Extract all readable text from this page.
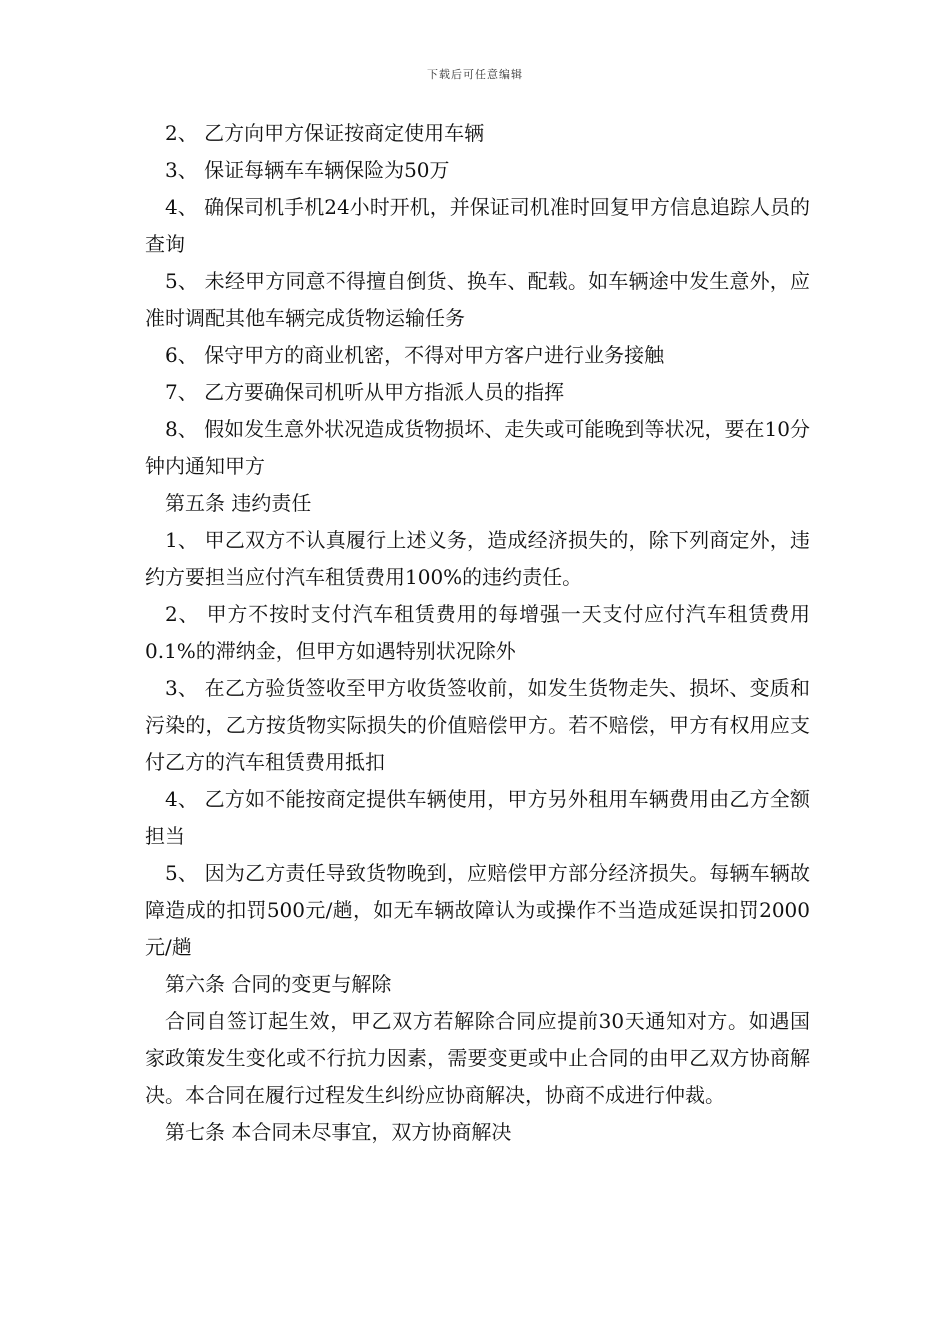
下载后可任意编辑

2、 乙方向甲方保证按商定使用车辆

3、 保证每辆车车辆保险为50万

4、 确保司机手机24小时开机，并保证司机准时回复甲方信息追踪人员的查询

5、 未经甲方同意不得擅自倒货、换车、配载。如车辆途中发生意外，应准时调配其他车辆完成货物运输任务

6、 保守甲方的商业机密，不得对甲方客户进行业务接触

7、 乙方要确保司机听从甲方指派人员的指挥

8、 假如发生意外状况造成货物损坏、走失或可能晚到等状况，要在10分钟内通知甲方

第五条 违约责任

1、 甲乙双方不认真履行上述义务，造成经济损失的，除下列商定外，违约方要担当应付汽车租赁费用100%的违约责任。

2、 甲方不按时支付汽车租赁费用的每增强一天支付应付汽车租赁费用0.1%的滞纳金，但甲方如遇特别状况除外

3、 在乙方验货签收至甲方收货签收前，如发生货物走失、损坏、变质和污染的，乙方按货物实际损失的价值赔偿甲方。若不赔偿，甲方有权用应支付乙方的汽车租赁费用抵扣

4、 乙方如不能按商定提供车辆使用，甲方另外租用车辆费用由乙方全额担当

5、 因为乙方责任导致货物晚到，应赔偿甲方部分经济损失。每辆车辆故障造成的扣罚500元/趟，如无车辆故障认为或操作不当造成延误扣罚2000元/趟

第六条 合同的变更与解除

合同自签订起生效，甲乙双方若解除合同应提前30天通知对方。如遇国家政策发生变化或不行抗力因素，需要变更或中止合同的由甲乙双方协商解决。本合同在履行过程发生纠纷应协商解决，协商不成进行仲裁。

第七条 本合同未尽事宜，双方协商解决
